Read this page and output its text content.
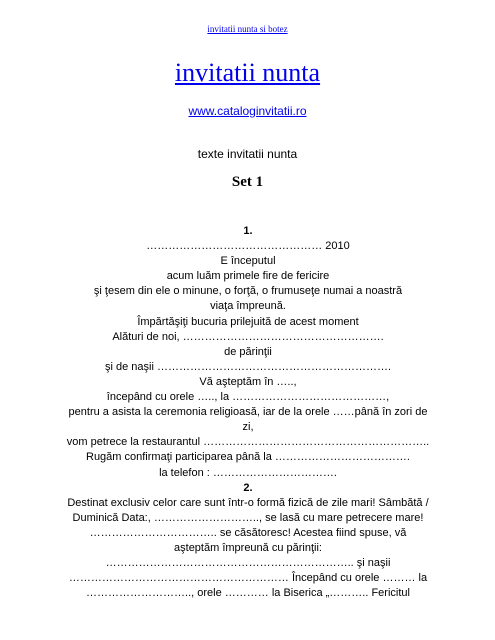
invitatii nunta si botez
invitatii nunta
www.cataloginvitatii.ro
texte invitatii nunta
Set 1

1.

………………………………………… 2010

E începutul

acum luăm primele fire de fericire

şi ţesem din ele o minune, o forţă, o frumuseţe numai a noastră

viaţa împreună.

Împărtăşiţi bucuria prilejuită de acest moment

Alături de noi, ……………………………………………….

de părinţii

şi de naşii ……………………………………………………….

Vă aşteptăm în …..,

începând cu orele ….., la ……………………………………,

pentru a asista la ceremonia religioasă, iar de la orele ……până în zori de

zi,

vom petrece la restaurantul ……………………………………………………..

Rugăm confirmaţi participarea până la ……………………………….

la telefon : …………………………….

2.

Destinat exclusiv celor care sunt într-o formă fizică de zile mari! Sâmbătă /

Duminică Data:, ……………………….., se lasă cu mare petrecere mare!

…………………………….. se căsătoresc! Acestea fiind spuse, vă

aşteptăm împreună cu părinţii:

………………………………………………………….. şi naşii

…………………………………………………… Începând cu orele ……… la

……………………….., orele ………… la Biserica „……….. Fericitul
